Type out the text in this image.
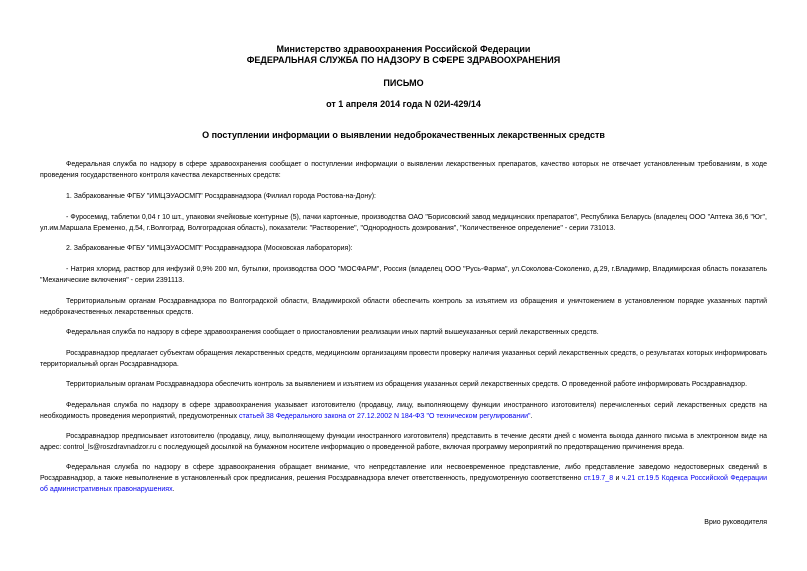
Министерство здравоохранения Российской Федерации
ФЕДЕРАЛЬНАЯ СЛУЖБА ПО НАДЗОРУ В СФЕРЕ ЗДРАВООХРАНЕНИЯ
ПИСЬМО
от 1 апреля 2014 года N 02И-429/14
О поступлении информации о выявлении недоброкачественных лекарственных средств
Федеральная служба по надзору в сфере здравоохранения сообщает о поступлении информации о выявлении лекарственных препаратов, качество которых не отвечает установленным требованиям, в ходе проведения государственного контроля качества лекарственных средств:
1. Забракованные ФГБУ "ИМЦЭУАОСМП" Росздравнадзора (Филиал города Ростова-на-Дону):
- Фуросемид, таблетки 0,04 г 10 шт., упаковки ячейковые контурные (5), пачки картонные, производства ОАО "Борисовский завод медицинских препаратов", Республика Беларусь (владелец ООО "Аптека 36,6 "Юг", ул.им.Маршала Еременко, д.54, г.Волгоград, Волгоградская область), показатели: "Растворение", "Однородность дозирования", "Количественное определение" - серии 731013.
2. Забракованные ФГБУ "ИМЦЭУАОСМП" Росздравнадзора (Московская лаборатория):
- Натрия хлорид, раствор для инфузий 0,9% 200 мл, бутылки, производства ООО "МОСФАРМ", Россия (владелец ООО "Русь-Фарма", ул.Соколова-Соколенко, д.29, г.Владимир, Владимирская область показатель "Механические включения" - серии 2391113.
Территориальным органам Росздравнадзора по Волгоградской области, Владимирской области обеспечить контроль за изъятием из обращения и уничтожением в установленном порядке указанных партий недоброкачественных лекарственных средств.
Федеральная служба по надзору в сфере здравоохранения сообщает о приостановлении реализации иных партий вышеуказанных серий лекарственных средств.
Росздравнадзор предлагает субъектам обращения лекарственных средств, медицинским организациям провести проверку наличия указанных серий лекарственных средств, о результатах которых информировать территориальный орган Росздравнадзора.
Территориальным органам Росздравнадзора обеспечить контроль за выявлением и изъятием из обращения указанных серий лекарственных средств. О проведенной работе информировать Росздравнадзор.
Федеральная служба по надзору в сфере здравоохранения указывает изготовителю (продавцу, лицу, выполняющему функции иностранного изготовителя) перечисленных серий лекарственных средств на необходимость проведения мероприятий, предусмотренных статьей 38 Федерального закона от 27.12.2002 N 184-ФЗ "О техническом регулировании".
Росздравнадзор предписывает изготовителю (продавцу, лицу, выполняющему функции иностранного изготовителя) представить в течение десяти дней с момента выхода данного письма в электронном виде на адрес: control_ls@roszdravnadzor.ru с последующей досылкой на бумажном носителе информацию о проведенной работе, включая программу мероприятий по предотвращению причинения вреда.
Федеральная служба по надзору в сфере здравоохранения обращает внимание, что непредставление или несвоевременное представление, либо представление заведомо недостоверных сведений в Росздравнадзор, а также невыполнение в установленный срок предписания, решения Росздравнадзора влечет ответственность, предусмотренную соответственно ст.19.7_8 и ч.21 ст.19.5 Кодекса Российской Федерации об административных правонарушениях.
Врио руководителя
